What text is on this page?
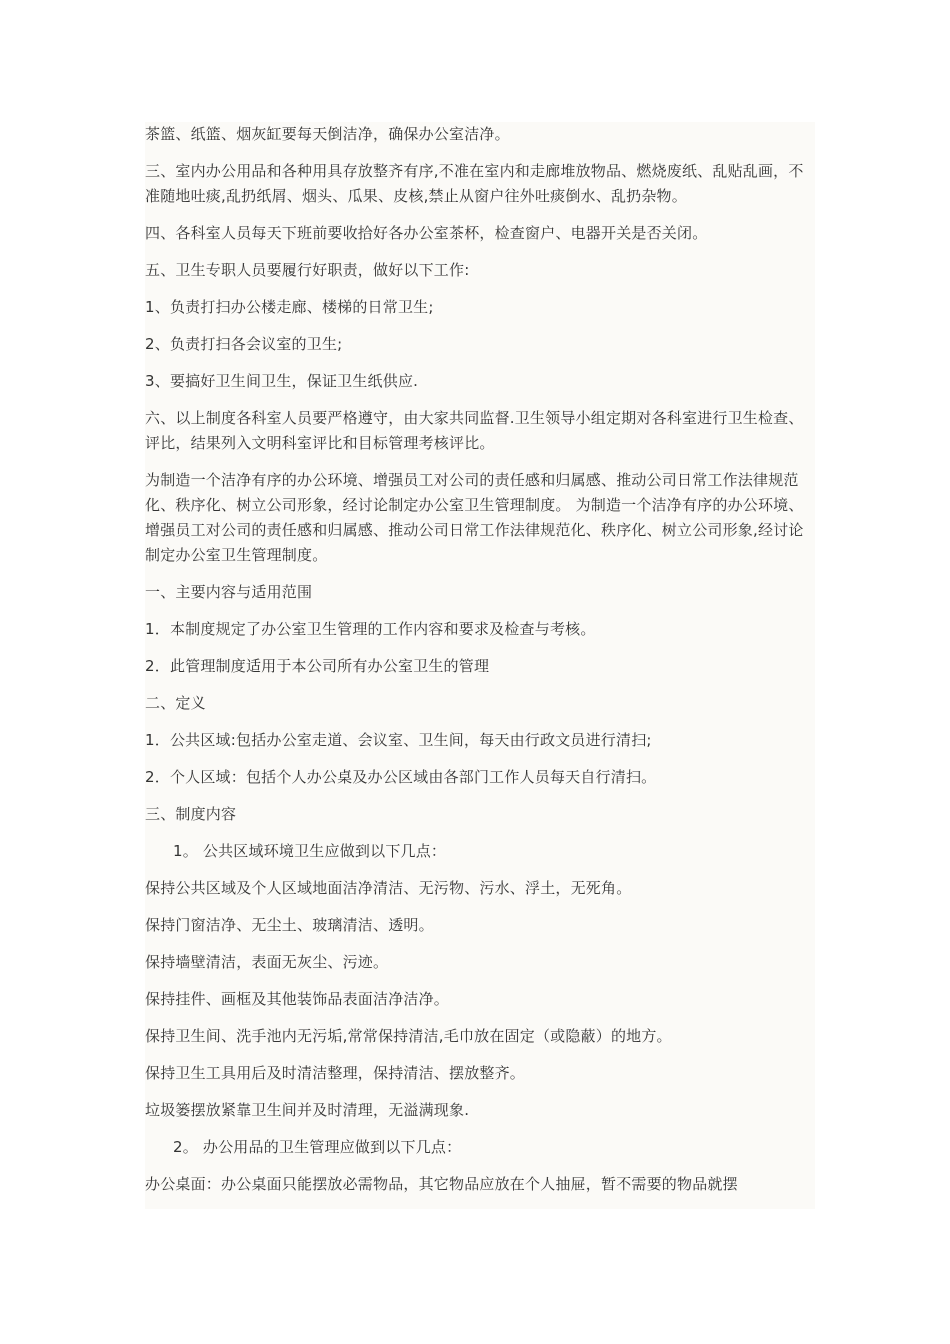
茶篮、纸篮、烟灰缸要每天倒洁净，确保办公室洁净。

三、室内办公用品和各种用具存放整齐有序,不准在室内和走廊堆放物品、燃烧废纸、乱贴乱画，不准随地吐痰,乱扔纸屑、烟头、瓜果、皮核,禁止从窗户往外吐痰倒水、乱扔杂物。

四、各科室人员每天下班前要收拾好各办公室茶杯，检查窗户、电器开关是否关闭。

五、卫生专职人员要履行好职责，做好以下工作:

1、负责打扫办公楼走廊、楼梯的日常卫生;

2、负责打扫各会议室的卫生;

3、要搞好卫生间卫生，保证卫生纸供应.

六、以上制度各科室人员要严格遵守，由大家共同监督.卫生领导小组定期对各科室进行卫生检查、评比，结果列入文明科室评比和目标管理考核评比。

为制造一个洁净有序的办公环境、增强员工对公司的责任感和归属感、推动公司日常工作法律规范化、秩序化、树立公司形象，经讨论制定办公室卫生管理制度。 为制造一个洁净有序的办公环境、增强员工对公司的责任感和归属感、推动公司日常工作法律规范化、秩序化、树立公司形象,经讨论制定办公室卫生管理制度。

一、主要内容与适用范围

1．本制度规定了办公室卫生管理的工作内容和要求及检查与考核。

2．此管理制度适用于本公司所有办公室卫生的管理

二、定义

1．公共区域:包括办公室走道、会议室、卫生间，每天由行政文员进行清扫;

2．个人区域：包括个人办公桌及办公区域由各部门工作人员每天自行清扫。

三、制度内容

1。 公共区域环境卫生应做到以下几点：

保持公共区域及个人区域地面洁净清洁、无污物、污水、浮土，无死角。

保持门窗洁净、无尘土、玻璃清洁、透明。

保持墙壁清洁，表面无灰尘、污迹。

保持挂件、画框及其他装饰品表面洁净洁净。

保持卫生间、洗手池内无污垢,常常保持清洁,毛巾放在固定（或隐蔽）的地方。

保持卫生工具用后及时清洁整理，保持清洁、摆放整齐。

垃圾篓摆放紧靠卫生间并及时清理，无溢满现象.

2。 办公用品的卫生管理应做到以下几点：

办公桌面：办公桌面只能摆放必需物品，其它物品应放在个人抽屉，暂不需要的物品就摆
